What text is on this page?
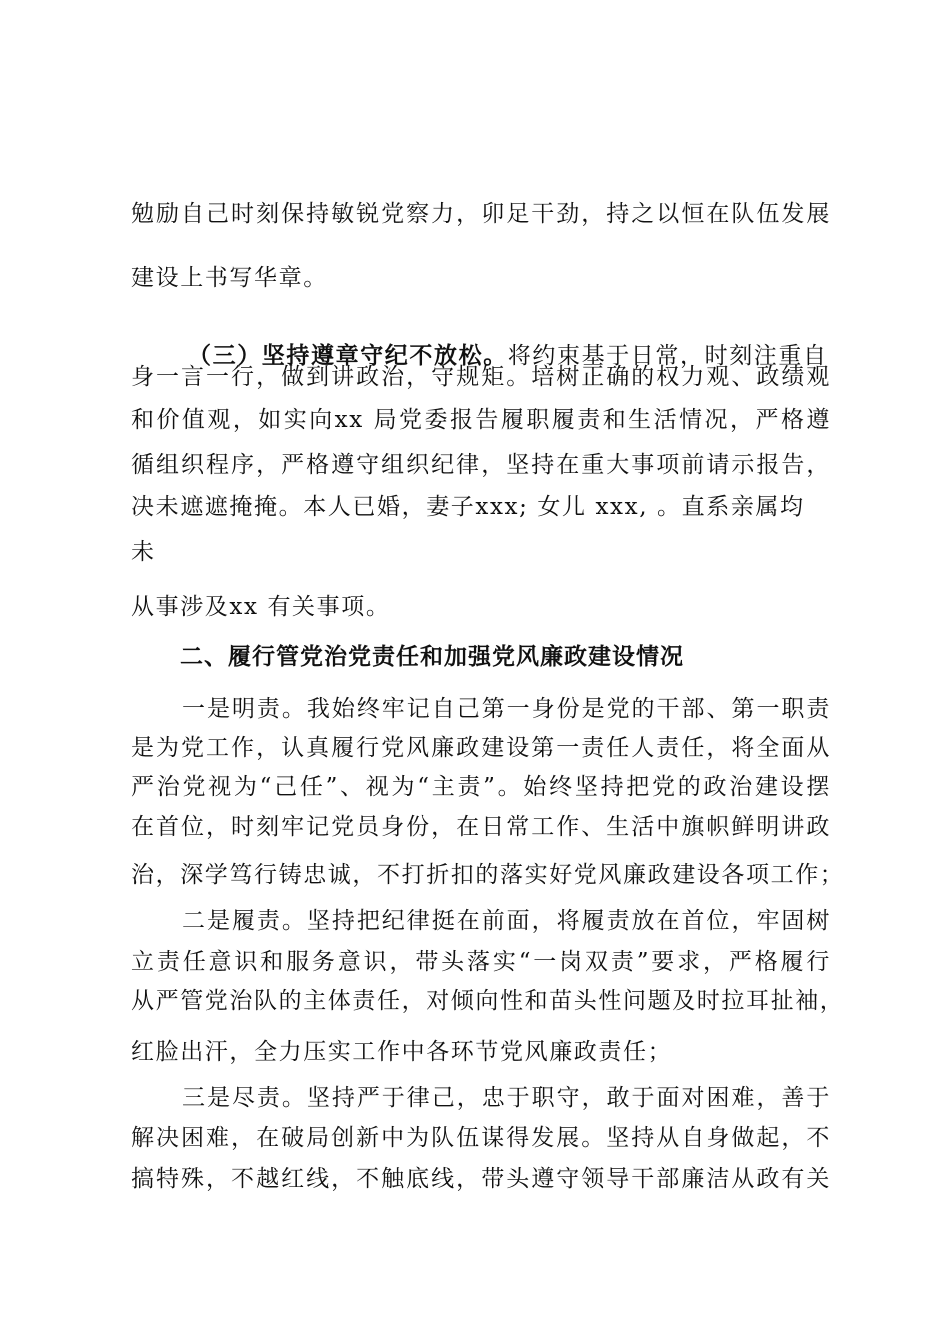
勉励自己时刻保持敏锐党察力，卯足干劲，持之以恒在队伍发展
建设上书写华章。
（三）坚持遵章守纪不放松。将约束基于日常，时刻注重自
身一言一行，做到讲政治，守规矩。培树正确的权力观、政绩观
和价值观，如实向xx 局党委报告履职履责和生活情况，严格遵
循组织程序，严格遵守组织纪律，坚持在重大事项前请示报告，
决未遮遮掩掩。本人已婚，妻子xxx; 女儿 xxx, 。直系亲属均
未
从事涉及xx 有关事项。
二、履行管党治党责任和加强党风廉政建设情况
一是明责。我始终牢记自己第一身份是党的干部、第一职责
是为党工作，认真履行党风廉政建设第一责任人责任，将全面从
严治党视为“己任”、视为“主责”。始终坚持把党的政治建设摆
在首位，时刻牢记党员身份，在日常工作、生活中旗帜鲜明讲政
治，深学笃行铸忠诚，不打折扣的落实好党风廉政建设各项工作；
二是履责。坚持把纪律挺在前面，将履责放在首位，牢固树
立责任意识和服务意识，带头落实“一岗双责”要求，严格履行
从严管党治队的主体责任，对倾向性和苗头性问题及时拉耳扯袖，
红脸出汗，全力压实工作中各环节党风廉政责任；
三是尽责。坚持严于律己，忠于职守，敢于面对困难，善于
解决困难，在破局创新中为队伍谋得发展。坚持从自身做起，不
搞特殊，不越红线，不触底线，带头遵守领导干部廉洁从政有关
